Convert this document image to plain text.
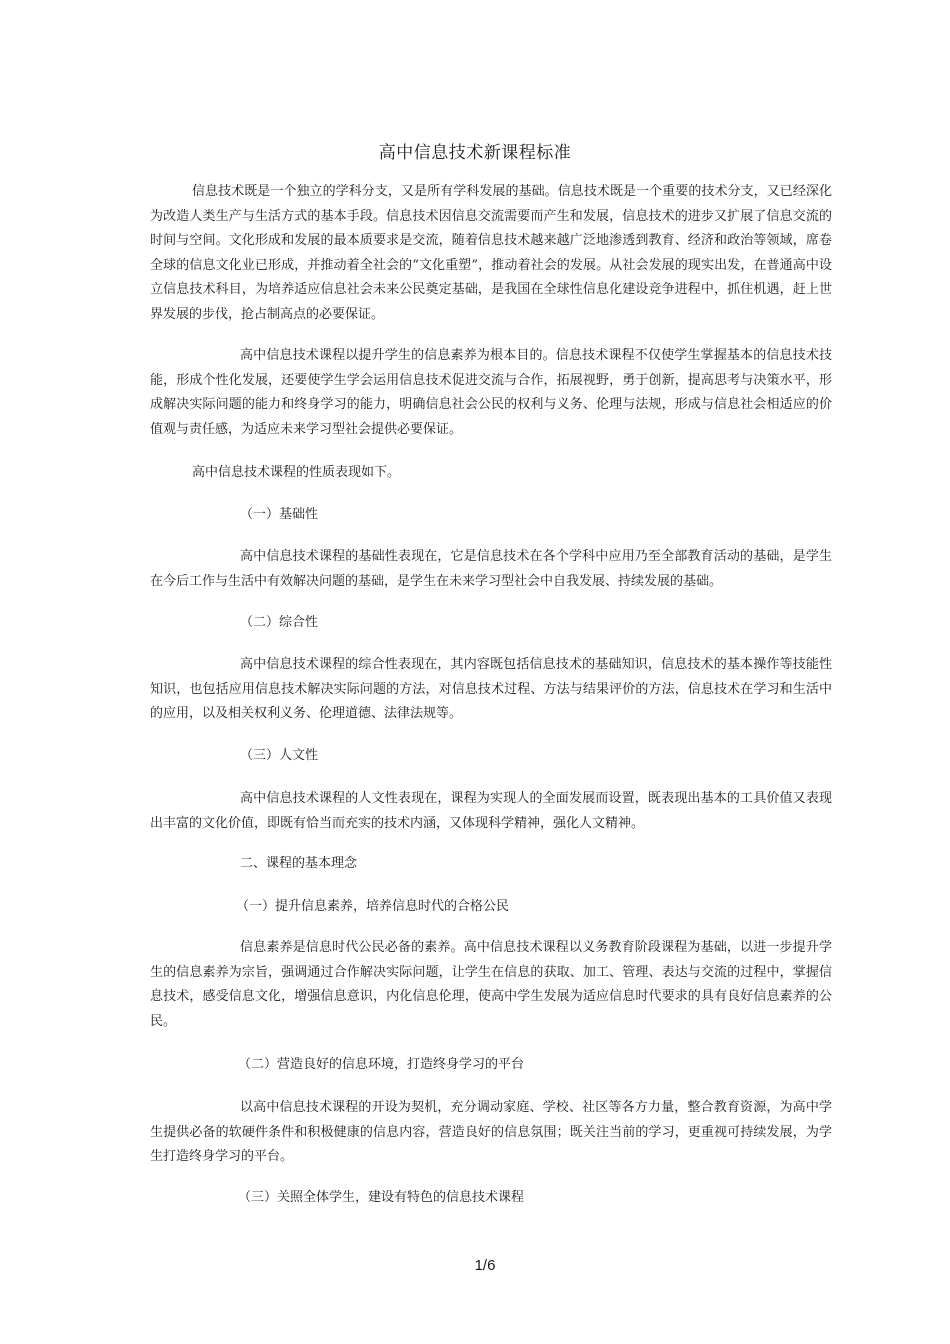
高中信息技术新课程标准

信息技术既是一个独立的学科分支，又是所有学科发展的基础。信息技术既是一个重要的技术分支，又已经深化为改造人类生产与生活方式的基本手段。信息技术因信息交流需要而产生和发展，信息技术的进步又扩展了信息交流的时间与空间。文化形成和发展的最本质要求是交流，随着信息技术越来越广泛地渗透到教育、经济和政治等领域，席卷全球的信息文化业已形成，并推动着全社会的“文化重塑”，推动着社会的发展。从社会发展的现实出发，在普通高中设立信息技术科目，为培养适应信息社会未来公民奠定基础，是我国在全球性信息化建设竞争进程中，抓住机遇，赶上世界发展的步伐，抢占制高点的必要保证。

高中信息技术课程以提升学生的信息素养为根本目的。信息技术课程不仅使学生掌握基本的信息技术技能，形成个性化发展，还要使学生学会运用信息技术促进交流与合作，拓展视野，勇于创新，提高思考与决策水平，形成解决实际问题的能力和终身学习的能力，明确信息社会公民的权利与义务、伦理与法规，形成与信息社会相适应的价值观与责任感，为适应未来学习型社会提供必要保证。

高中信息技术课程的性质表现如下。

（一）基础性

高中信息技术课程的基础性表现在，它是信息技术在各个学科中应用乃至全部教育活动的基础，是学生在今后工作与生活中有效解决问题的基础，是学生在未来学习型社会中自我发展、持续发展的基础。

（二）综合性

高中信息技术课程的综合性表现在，其内容既包括信息技术的基础知识，信息技术的基本操作等技能性知识，也包括应用信息技术解决实际问题的方法，对信息技术过程、方法与结果评价的方法，信息技术在学习和生活中的应用，以及相关权利义务、伦理道德、法律法规等。

（三）人文性

高中信息技术课程的人文性表现在，课程为实现人的全面发展而设置，既表现出基本的工具价值又表现出丰富的文化价值，即既有恰当而充实的技术内涵，又体现科学精神，强化人文精神。

二、课程的基本理念

（一）提升信息素养，培养信息时代的合格公民

信息素养是信息时代公民必备的素养。高中信息技术课程以义务教育阶段课程为基础，以进一步提升学生的信息素养为宗旨，强调通过合作解决实际问题，让学生在信息的获取、加工、管理、表达与交流的过程中，掌握信息技术，感受信息文化，增强信息意识，内化信息伦理，使高中学生发展为适应信息时代要求的具有良好信息素养的公民。

（二）营造良好的信息环境，打造终身学习的平台

以高中信息技术课程的开设为契机，充分调动家庭、学校、社区等各方力量，整合教育资源，为高中学生提供必备的软硬件条件和积极健康的信息内容，营造良好的信息氛围；既关注当前的学习，更重视可持续发展，为学生打造终身学习的平台。

（三）关照全体学生，建设有特色的信息技术课程

1/6
